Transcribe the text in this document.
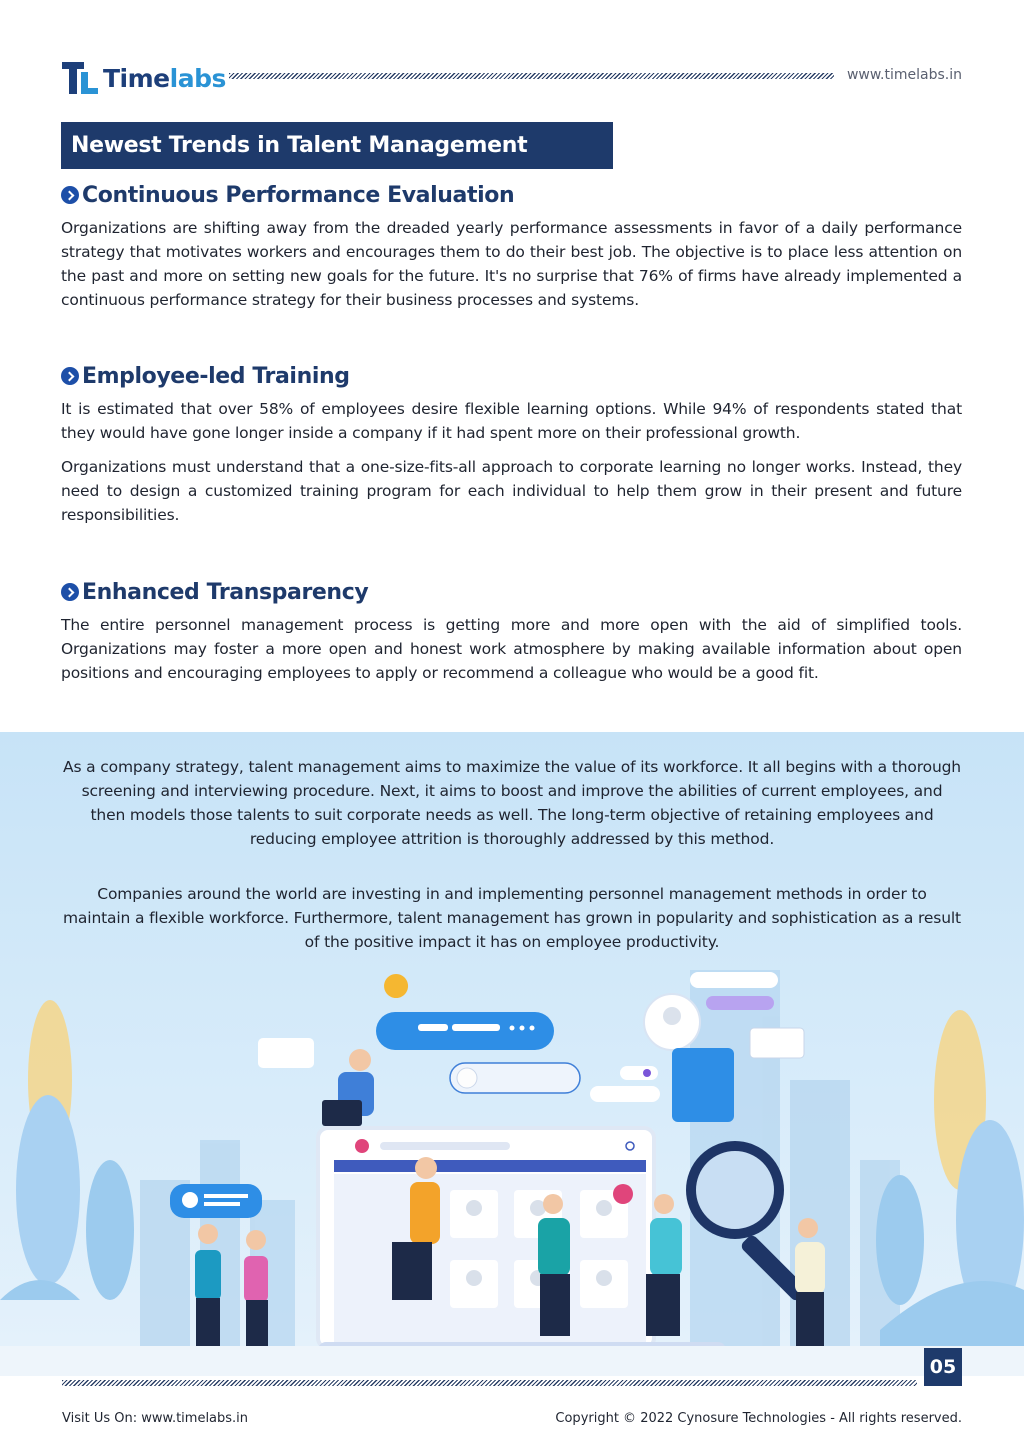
Timelabs	www.timelabs.in
Newest Trends in Talent Management
Continuous Performance Evaluation

Organizations are shifting away from the dreaded yearly performance assessments in favor of a daily performance strategy that motivates workers and encourages them to do their best job. The objective is to place less attention on the past and more on setting new goals for the future. It's no surprise that 76% of firms have already implemented a continuous performance strategy for their business processes and systems.

Employee-led Training

It is estimated that over 58% of employees desire flexible learning options. While 94% of respondents stated that they would have gone longer inside a company if it had spent more on their professional growth.

Organizations must understand that a one-size-fits-all approach to corporate learning no longer works. Instead, they need to design a customized training program for each individual to help them grow in their present and future responsibilities.

Enhanced Transparency

The entire personnel management process is getting more and more open with the aid of simplified tools. Organizations may foster a more open and honest work atmosphere by making available information about open positions and encouraging employees to apply or recommend a colleague who would be a good fit.

As a company strategy, talent management aims to maximize the value of its workforce. It all begins with a thorough screening and interviewing procedure. Next, it aims to boost and improve the abilities of current employees, and then models those talents to suit corporate needs as well. The long-term objective of retaining employees and reducing employee attrition is thoroughly addressed by this method.

Companies around the world are investing in and implementing personnel management methods in order to maintain a flexible workforce. Furthermore, talent management has grown in popularity and sophistication as a result of the positive impact it has on employee productivity.

05
Visit Us On: www.timelabs.in	Copyright © 2022 Cynosure Technologies - All rights reserved.
